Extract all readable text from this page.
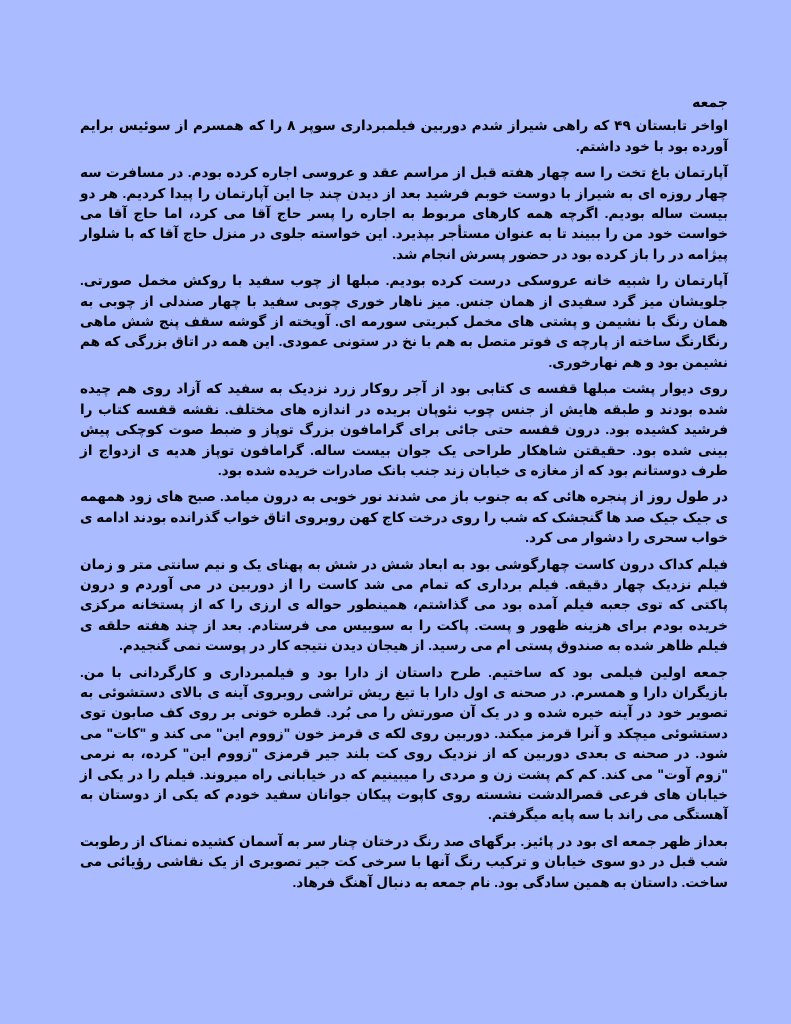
جمعه

اواخر تابستان ۴۹ که راهی شیراز شدم دوربین فیلمبرداری سوپر ۸ را که همسرم از سوئیس برایم آورده بود با خود داشتم.

آپارتمان باغ تخت را سه چهار هفته قبل از مراسم عقد و عروسی اجاره کرده بودم. در مسافرت سه چهار روزه ای به شیراز با دوست خوبم فرشید بعد از دیدن چند جا این آپارتمان را پیدا کردیم. هر دو بیست ساله بودیم. اگرچه همه کارهای مربوط به اجاره را پسر حاج آقا می کرد، اما حاج آقا می خواست خود من را ببیند تا به عنوان مستأجر بپذیرد. این خواسته جلوی در منزل حاج آقا که با شلوار پیژامه در را باز کرده بود در حضور پسرش انجام شد.

آپارتمان را شبیه خانه عروسکی درست کرده بودیم. مبلها از چوب سفید با روکش مخمل صورتی. جلویشان میز گرد سفیدی از همان جنس. میز ناهار خوری چوبی سفید با چهار صندلی از چوبی به همان رنگ با نشیمن و پشتی های مخمل کبریتی سورمه ای. آویخته از گوشه سقف پنج شش ماهی رنگارنگ ساخته از پارچه ی فوتر متصل به هم با نخ در ستونی عمودی. این همه در اتاق بزرگی که هم نشیمن بود و هم نهارخوری.

روی دیوار پشت مبلها قفسه ی کتابی بود از آجر روکار زرد نزدیک به سفید که آزاد روی هم چیده شده بودند و طبقه هایش از جنس چوب نئوپان بریده در اندازه های مختلف. نقشه قفسه کتاب را فرشید کشیده بود. درون قفسه حتی جائی برای گرامافون بزرگ توپاز و ضبط صوت کوچکی پیش بینی شده بود. حقیقتن شاهکار طراحی یک جوان بیست ساله. گرامافون توپاز هدیه ی ازدواج از طرف دوستانم بود که از مغازه ی خیابان زند جنب بانک صادرات خریده شده بود.

در طول روز از پنجره هائی که به جنوب باز می شدند نور خوبی به درون میامد. صبح های زود همهمه ی جیک جیک صد ها گنجشک که شب را روی درخت کاج کهن روبروی اتاق خواب گذرانده بودند ادامه ی خواب سحری را دشوار می کرد.

فیلم کداک درون کاست چهارگوشی بود به ابعاد شش در شش به پهنای یک و نیم سانتی متر و زمان فیلم نزدیک چهار دقیقه. فیلم برداری که تمام می شد کاست را از دوربین در می آوردم و درون پاکتی که توی جعبه فیلم آمده بود می گذاشتم، همینطور حواله ی ارزی را که از پستخانه مرکزی خریده بودم برای هزینه ظهور و پست. پاکت را به سوییس می فرستادم. بعد از چند هفته حلقه ی فیلم ظاهر شده به صندوق پستی ام می رسید. از هیجان دیدن نتیجه کار در پوست نمی گنجیدم.

جمعه اولین فیلمی بود که ساختیم. طرح داستان از دارا بود و فیلمبرداری و کارگردانی با من. بازیگران دارا و همسرم. در صحنه ی اول دارا با تیغ ریش تراشی روبروی آینه ی بالای دستشوئی به تصویر خود در آینه خیره شده و در یک آن صورتش را می بُرد. قطره خونی بر روی کف صابون توی دستشوئی میچکد و آنرا قرمز میکند. دوربین روی لکه ی قرمز خون "زووم این" می کند و "کات" می شود. در صحنه ی بعدی دوربین که از نزدیک روی کت بلند جیر قرمزی "زووم این" کرده، به نرمی "زوم آوت" می کند. کم کم پشت زن و مردی را میبینیم که در خیابانی راه میروند. فیلم را در یکی از خیابان های فرعی قصرالدشت نشسته روی کاپوت پیکان جوانان سفید خودم که یکی از دوستان به آهستگی می راند با سه پایه میگرفتم.

بعداز ظهر جمعه ای بود در پائیز. برگهای صد رنگ درختان چنار سر به آسمان کشیده نمناک از رطوبت شب قبل در دو سوی خیابان و ترکیب رنگ آنها با سرخی کت جیر تصویری از یک نقاشی رؤیائی می ساخت. داستان به همین سادگی بود. نام جمعه به دنبال آهنگ فرهاد.
